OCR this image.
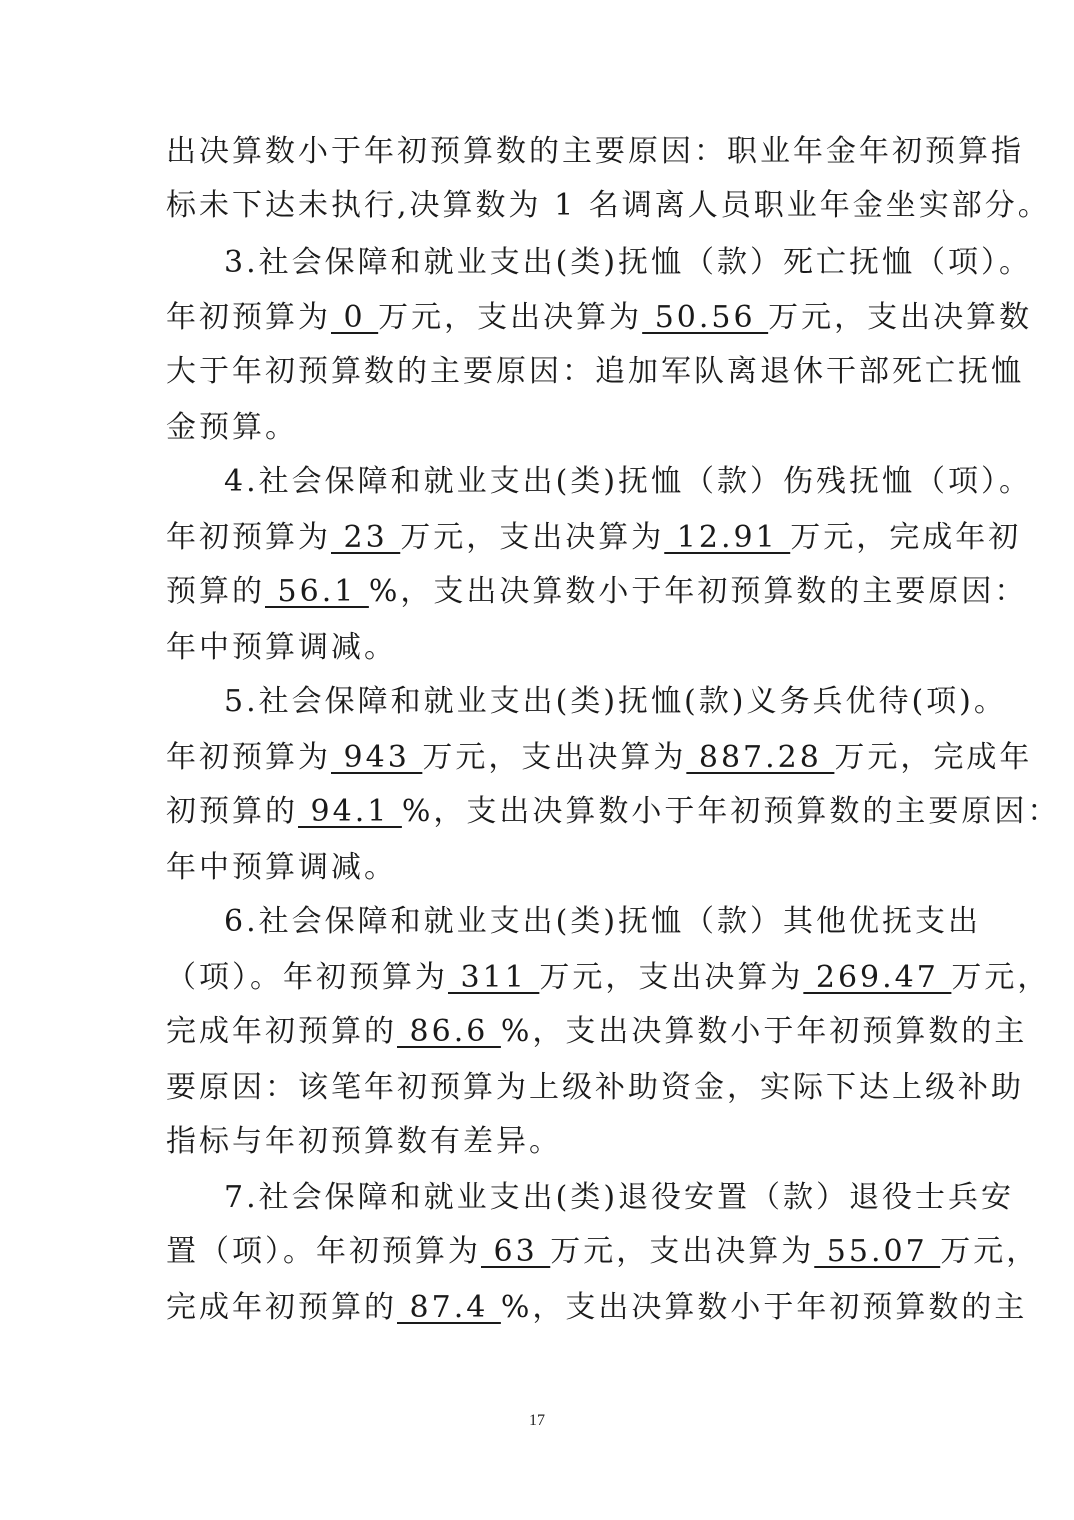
出决算数小于年初预算数的主要原因：职业年金年初预算指
标未下达未执行,决算数为 1 名调离人员职业年金坐实部分。
3.社会保障和就业支出(类)抚恤（款）死亡抚恤（项）。
年初预算为 0 万元，支出决算为 50.56 万元，支出决算数
大于年初预算数的主要原因：追加军队离退休干部死亡抚恤
金预算。
4.社会保障和就业支出(类)抚恤（款）伤残抚恤（项）。
年初预算为 23 万元，支出决算为 12.91 万元，完成年初
预算的 56.1 %，支出决算数小于年初预算数的主要原因：
年中预算调减。
5.社会保障和就业支出(类)抚恤(款)义务兵优待(项)。
年初预算为 943 万元，支出决算为 887.28 万元，完成年
初预算的 94.1 %，支出决算数小于年初预算数的主要原因：
年中预算调减。
6.社会保障和就业支出(类)抚恤（款）其他优抚支出
（项）。年初预算为 311 万元，支出决算为 269.47 万元，
完成年初预算的 86.6 %，支出决算数小于年初预算数的主
要原因：该笔年初预算为上级补助资金，实际下达上级补助
指标与年初预算数有差异。
7.社会保障和就业支出(类)退役安置（款）退役士兵安
置（项）。年初预算为 63 万元，支出决算为 55.07 万元，
完成年初预算的 87.4 %，支出决算数小于年初预算数的主
17
